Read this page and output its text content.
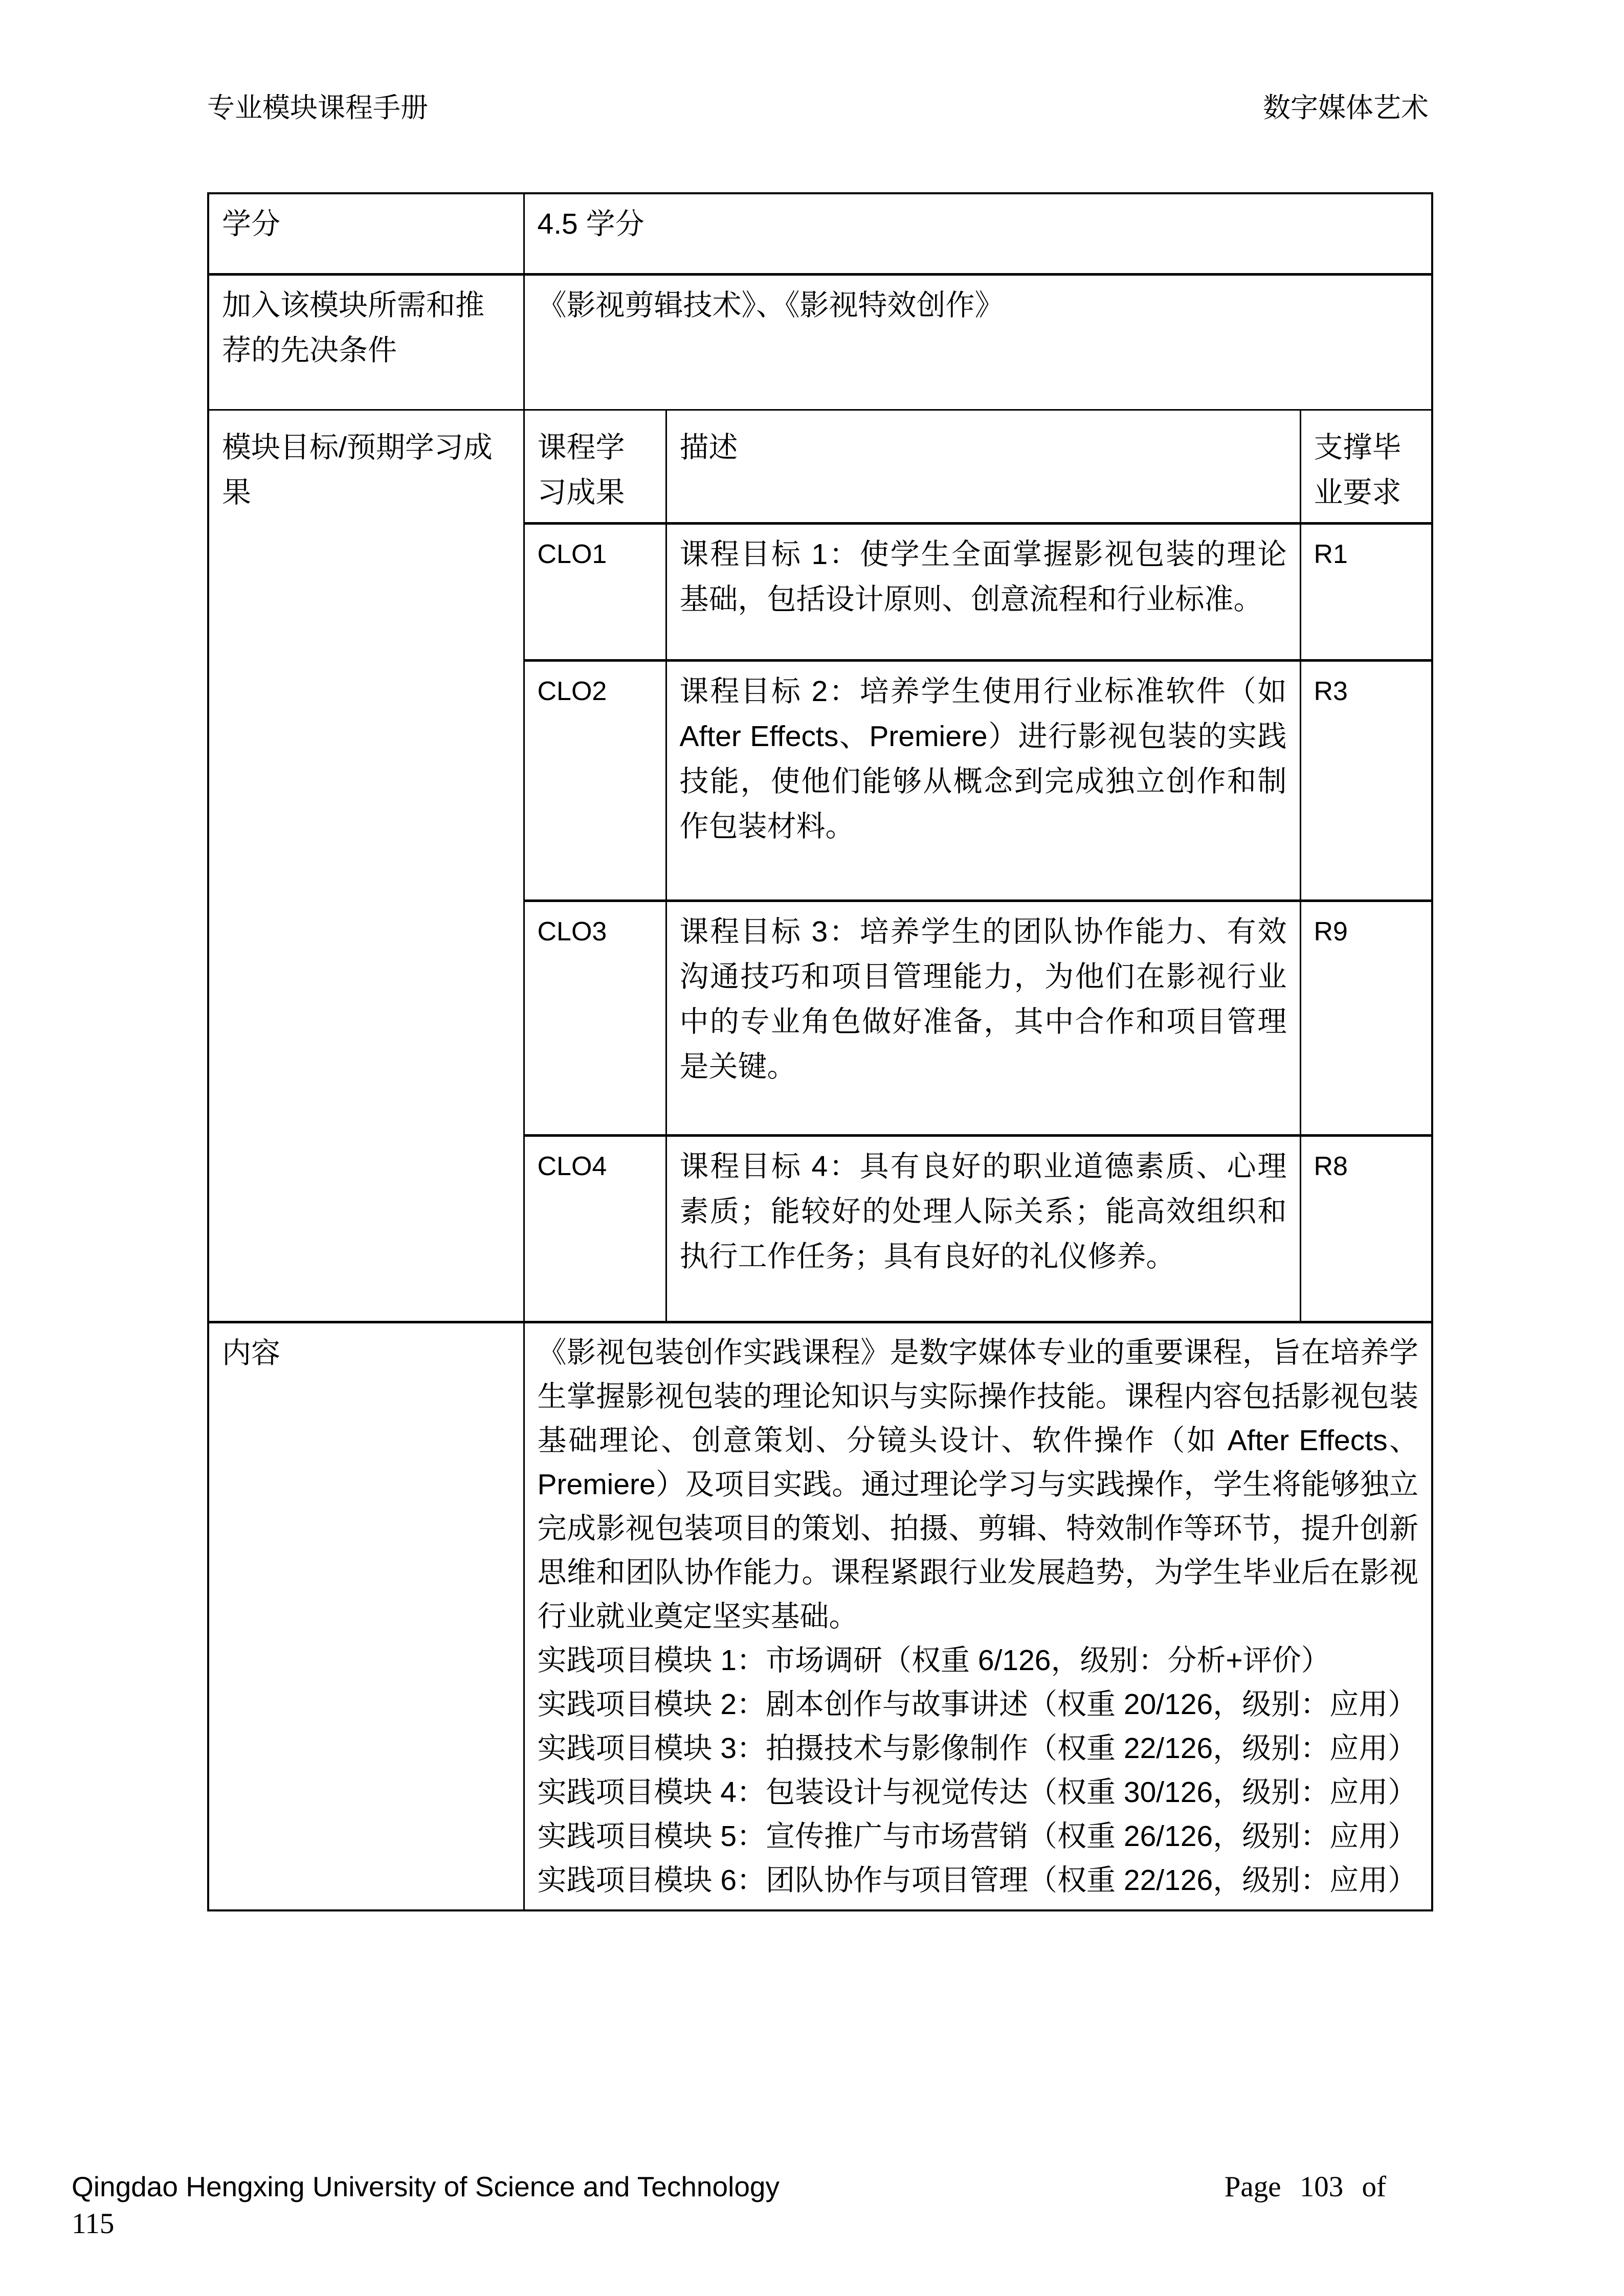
专业模块课程手册	数字媒体艺术
学分	4.5 学分		
加入该模块所需和推荐的先决条件	《影视剪辑技术》、《影视特效创作》		
模块目标/预期学习成果	课程学习成果	描述	支撑毕业要求
	CLO1	课程目标 1：使学生全面掌握影视包装的理论基础，包括设计原则、创意流程和行业标准。	R1
	CLO2	课程目标 2：培养学生使用行业标准软件（如 After Effects、Premiere）进行影视包装的实践技能，使他们能够从概念到完成独立创作和制作包装材料。	R3
	CLO3	课程目标 3：培养学生的团队协作能力、有效沟通技巧和项目管理能力，为他们在影视行业中的专业角色做好准备，其中合作和项目管理是关键。	R9
	CLO4	课程目标 4：具有良好的职业道德素质、心理素质；能较好的处理人际关系；能高效组织和执行工作任务；具有良好的礼仪修养。	R8
内容	《影视包装创作实践课程》是数字媒体专业的重要课程，旨在培养学生掌握影视包装的理论知识与实际操作技能。课程内容包括影视包装基础理论、创意策划、分镜头设计、软件操作（如 After Effects、Premiere）及项目实践。通过理论学习与实践操作，学生将能够独立完成影视包装项目的策划、拍摄、剪辑、特效制作等环节，提升创新思维和团队协作能力。课程紧跟行业发展趋势，为学生毕业后在影视行业就业奠定坚实基础。

实践项目模块 1：市场调研（权重 6/126，级别：分析+评价）

实践项目模块 2：剧本创作与故事讲述（权重 20/126，级别：应用）

实践项目模块 3：拍摄技术与影像制作（权重 22/126，级别：应用）

实践项目模块 4：包装设计与视觉传达（权重 30/126，级别：应用）

实践项目模块 5：宣传推广与市场营销（权重 26/126，级别：应用）

实践项目模块 6：团队协作与项目管理（权重 22/126，级别：应用）

Qingdao Hengxing University of Science and Technology	Page 103 of
115
